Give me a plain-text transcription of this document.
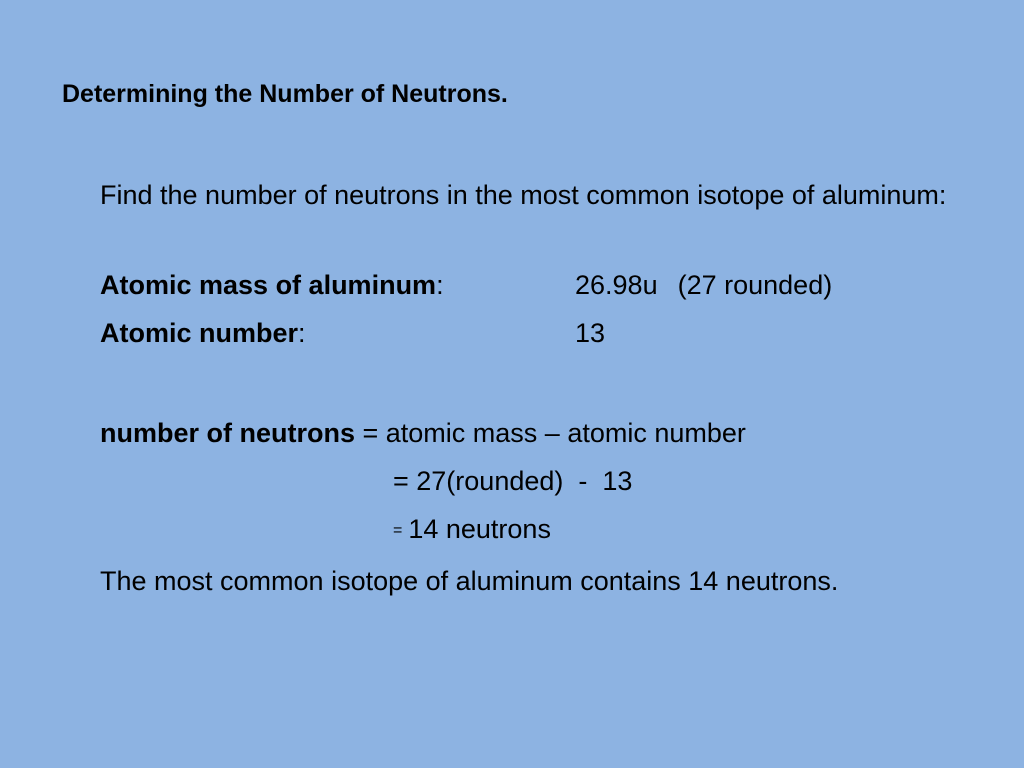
Determining the Number of Neutrons.
Find the number of neutrons in the most common isotope of aluminum:
Atomic mass of aluminum:	26.98u (27 rounded)
Atomic number:	13
number of neutrons = atomic mass – atomic number
= 27(rounded)  -  13
= 14 neutrons
The most common isotope of aluminum contains 14 neutrons.
